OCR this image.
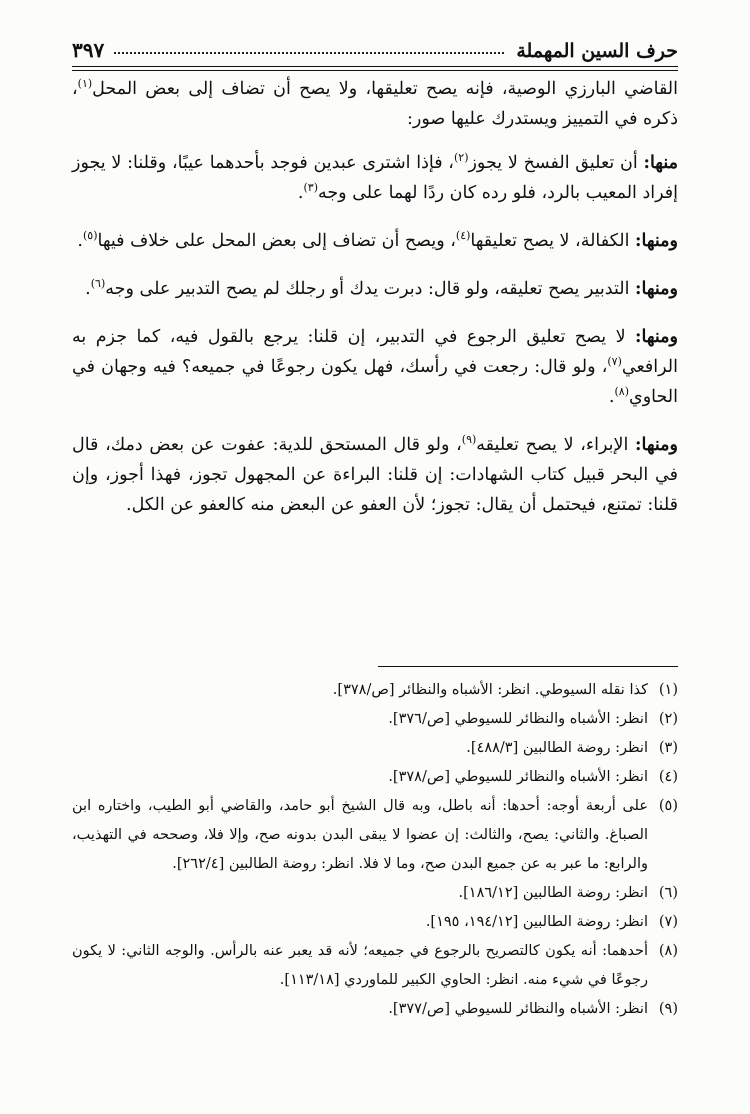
٣٩٧	حرف السين المهملة

القاضي البارزي الوصية، فإنه يصح تعليقها، ولا يصح أن تضاف إلى بعض المحل$^{(١)}$، ذكره في التمييز ويستدرك عليها صور:

منها: أن تعليق الفسخ لا يجوز$^{(٢)}$، فإذا اشترى عبدين فوجد بأحدهما عيبًا، وقلنا: لا يجوز إفراد المعيب بالرد، فلو رده كان ردًا لهما على وجه$^{(٣)}$.

ومنها: الكفالة، لا يصح تعليقها$^{(٤)}$، ويصح أن تضاف إلى بعض المحل على خلاف فيها$^{(٥)}$.

ومنها: التدبير يصح تعليقه، ولو قال: دبرت يدك أو رجلك لم يصح التدبير على وجه$^{(٦)}$.

ومنها: لا يصح تعليق الرجوع في التدبير، إن قلنا: يرجع بالقول فيه، كما جزم به الرافعي$^{(٧)}$، ولو قال: رجعت في رأسك، فهل يكون رجوعًا في جميعه؟ فيه وجهان في الحاوي$^{(٨)}$.

ومنها: الإبراء، لا يصح تعليقه$^{(٩)}$، ولو قال المستحق للدية: عفوت عن بعض دمك، قال في البحر قبيل كتاب الشهادات: إن قلنا: البراءة عن المجهول تجوز، فهذا أجوز، وإن قلنا: تمتنع، فيحتمل أن يقال: تجوز؛ لأن العفو عن البعض منه كالعفو عن الكل.

(١)
كذا نقله السيوطي. انظر: الأشباه والنظائر [ص/٣٧٨].
(٢)
انظر: الأشباه والنظائر للسيوطي [ص/٣٧٦].
(٣)
انظر: روضة الطالبين [٤٨٨/٣].
(٤)
انظر: الأشباه والنظائر للسيوطي [ص/٣٧٨].
(٥)
على أربعة أوجه: أحدها: أنه باطل، وبه قال الشيخ أبو حامد، والقاضي أبو الطيب، واختاره ابن الصباغ. والثاني: يصح، والثالث: إن عضوا لا يبقى البدن بدونه صح، وإلا فلا، وصححه في التهذيب، والرابع: ما عبر به عن جميع البدن صح، وما لا فلا. انظر: روضة الطالبين [٢٦٢/٤].
(٦)
انظر: روضة الطالبين [١٨٦/١٢].
(٧)
انظر: روضة الطالبين [١٩٤/١٢، ١٩٥].
(٨)
أحدهما: أنه يكون كالتصريح بالرجوع في جميعه؛ لأنه قد يعبر عنه بالرأس. والوجه الثاني: لا يكون رجوعًا في شيء منه. انظر: الحاوي الكبير للماوردي [١١٣/١٨].
(٩)
انظر: الأشباه والنظائر للسيوطي [ص/٣٧٧].
